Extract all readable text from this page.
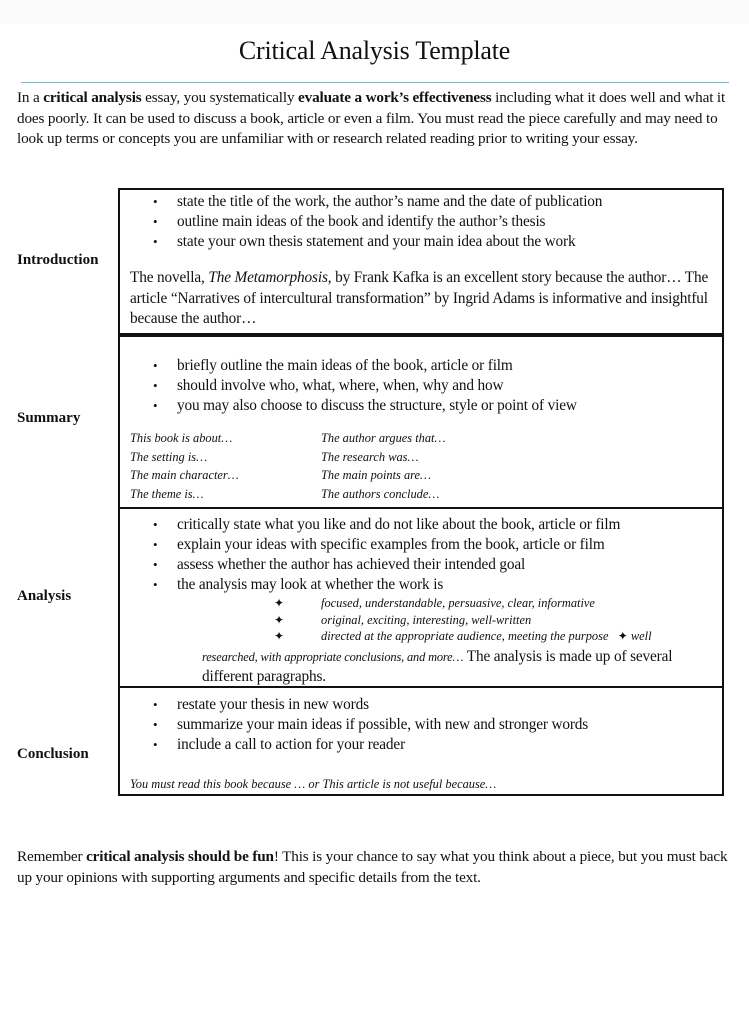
Critical Analysis Template

In a critical analysis essay, you systematically evaluate a work’s effectiveness including what it does well and what it does poorly. It can be used to discuss a book, article or even a film. You must read the piece carefully and may need to look up terms or concepts you are unfamiliar with or research related reading prior to writing your essay.

Introduction
• state the title of the work, the author’s name and the date of publication
• outline main ideas of the book and identify the author’s thesis
• state your own thesis statement and your main idea about the work

The novella, The Metamorphosis, by Frank Kafka is an excellent story because the author… The article “Narratives of intercultural transformation” by Ingrid Adams is informative and insightful because the author…

Summary
• briefly outline the main ideas of the book, article or film
• should involve who, what, where, when, why and how
• you may also choose to discuss the structure, style or point of view
This book is about…	The author argues that…
The setting is…	The research was…
The main character…	The main points are…
The theme is…	The authors conclude…
Analysis
• critically state what you like and do not like about the book, article or film
• explain your ideas with specific examples from the book, article or film
• assess whether the author has achieved their intended goal
• the analysis may look at whether the work is
✦	focused, understandable, persuasive, clear, informative
✦	original, exciting, interesting, well-written
✦	directed at the appropriate audience, meeting the purpose ✦ well

researched, with appropriate conclusions, and more… The analysis is made up of several different paragraphs.

Conclusion
• restate your thesis in new words
• summarize your main ideas if possible, with new and stronger words
• include a call to action for your reader

You must read this book because … or This article is not useful because…

Remember critical analysis should be fun! This is your chance to say what you think about a piece, but you must back up your opinions with supporting arguments and specific details from the text.
